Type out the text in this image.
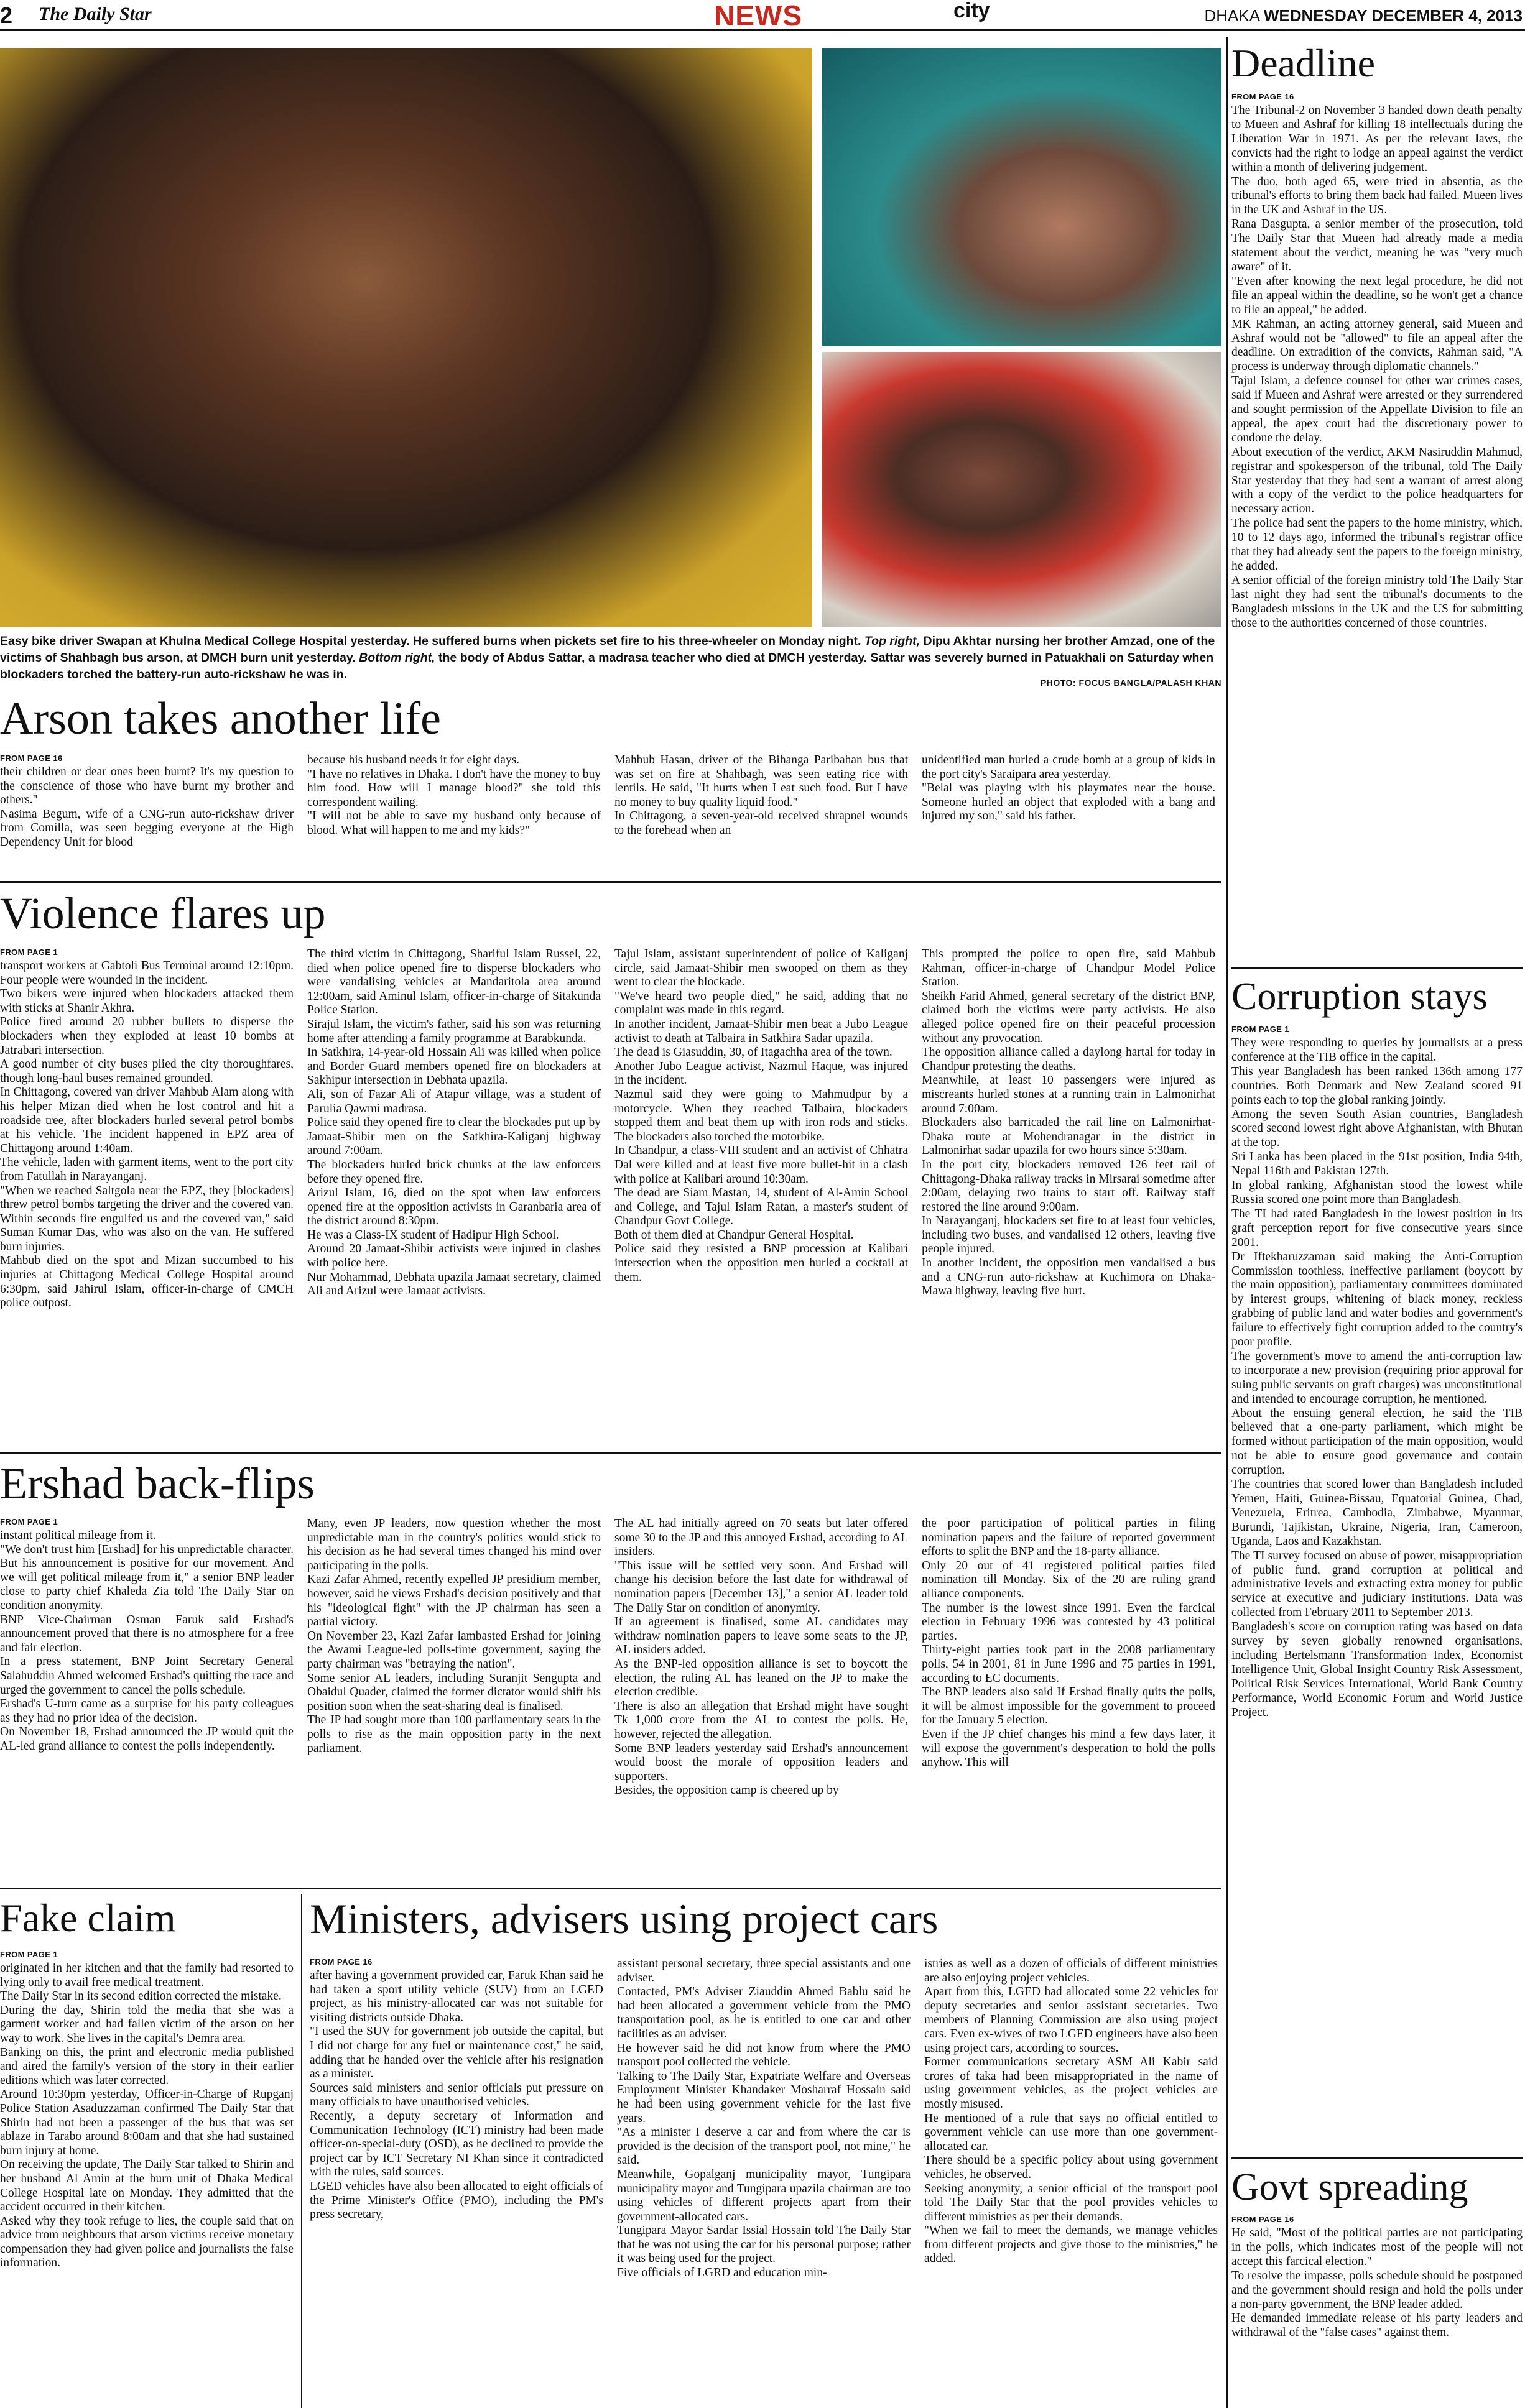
2 The Daily Star	NEWS	city	DHAKA WEDNESDAY DECEMBER 4, 2013
Easy bike driver Swapan at Khulna Medical College Hospital yesterday. He suffered burns when pickets set fire to his three-wheeler on Monday night. Top right, Dipu Akhtar nursing her brother Amzad, one of the victims of Shahbagh bus arson, at DMCH burn unit yesterday. Bottom right, the body of Abdus Sattar, a madrasa teacher who died at DMCH yesterday. Sattar was severely burned in Patuakhali on Saturday when blockaders torched the battery-run auto-rickshaw he was in.
PHOTO: FOCUS BANGLA/PALASH KHAN
Arson takes another life
FROM PAGE 16
their children or dear ones been burnt? It's my question to the conscience of those who have burnt my brother and others."
Nasima Begum, wife of a CNG-run auto-rickshaw driver from Comilla, was seen begging everyone at the High Dependency Unit for blood
because his husband needs it for eight days.
"I have no relatives in Dhaka. I don't have the money to buy him food. How will I manage blood?" she told this correspondent wailing.
"I will not be able to save my husband only because of blood. What will happen to me and my kids?"
Mahbub Hasan, driver of the Bihanga Paribahan bus that was set on fire at Shahbagh, was seen eating rice with lentils. He said, "It hurts when I eat such food. But I have no money to buy quality liquid food."
In Chittagong, a seven-year-old received shrapnel wounds to the forehead when an
unidentified man hurled a crude bomb at a group of kids in the port city's Saraipara area yesterday.
"Belal was playing with his playmates near the house. Someone hurled an object that exploded with a bang and injured my son," said his father.
Violence flares up
FROM PAGE 1
transport workers at Gabtoli Bus Terminal around 12:10pm. Four people were wounded in the incident.
Two bikers were injured when blockaders attacked them with sticks at Shanir Akhra.
Police fired around 20 rubber bullets to disperse the blockaders when they exploded at least 10 bombs at Jatrabari intersection.
A good number of city buses plied the city thoroughfares, though long-haul buses remained grounded.
In Chittagong, covered van driver Mahbub Alam along with his helper Mizan died when he lost control and hit a roadside tree, after blockaders hurled several petrol bombs at his vehicle. The incident happened in EPZ area of Chittagong around 1:40am.
The vehicle, laden with garment items, went to the port city from Fatullah in Narayanganj.
"When we reached Saltgola near the EPZ, they [blockaders] threw petrol bombs targeting the driver and the covered van. Within seconds fire engulfed us and the covered van," said Suman Kumar Das, who was also on the van. He suffered burn injuries.
Mahbub died on the spot and Mizan succumbed to his injuries at Chittagong Medical College Hospital around 6:30pm, said Jahirul Islam, officer-in-charge of CMCH police outpost.
The third victim in Chittagong, Shariful Islam Russel, 22, died when police opened fire to disperse blockaders who were vandalising vehicles at Mandaritola area around 12:00am, said Aminul Islam, officer-in-charge of Sitakunda Police Station.
Sirajul Islam, the victim's father, said his son was returning home after attending a family programme at Barabkunda.
In Satkhira, 14-year-old Hossain Ali was killed when police and Border Guard members opened fire on blockaders at Sakhipur intersection in Debhata upazila.
Ali, son of Fazar Ali of Atapur village, was a student of Parulia Qawmi madrasa.
Police said they opened fire to clear the blockades put up by Jamaat-Shibir men on the Satkhira-Kaliganj highway around 7:00am.
The blockaders hurled brick chunks at the law enforcers before they opened fire.
Arizul Islam, 16, died on the spot when law enforcers opened fire at the opposition activists in Garanbaria area of the district around 8:30pm.
He was a Class-IX student of Hadipur High School.
Around 20 Jamaat-Shibir activists were injured in clashes with police here.
Nur Mohammad, Debhata upazila Jamaat secretary, claimed Ali and Arizul were Jamaat activists.
Tajul Islam, assistant superintendent of police of Kaliganj circle, said Jamaat-Shibir men swooped on them as they went to clear the blockade.
"We've heard two people died," he said, adding that no complaint was made in this regard.
In another incident, Jamaat-Shibir men beat a Jubo League activist to death at Talbaira in Satkhira Sadar upazila.
The dead is Giasuddin, 30, of Itagachha area of the town.
Another Jubo League activist, Nazmul Haque, was injured in the incident.
Nazmul said they were going to Mahmudpur by a motorcycle. When they reached Talbaira, blockaders stopped them and beat them up with iron rods and sticks. The blockaders also torched the motorbike.
In Chandpur, a class-VIII student and an activist of Chhatra Dal were killed and at least five more bullet-hit in a clash with police at Kalibari around 10:30am.
The dead are Siam Mastan, 14, student of Al-Amin School and College, and Tajul Islam Ratan, a master's student of Chandpur Govt College.
Both of them died at Chandpur General Hospital.
Police said they resisted a BNP procession at Kalibari intersection when the opposition men hurled a cocktail at them.
This prompted the police to open fire, said Mahbub Rahman, officer-in-charge of Chandpur Model Police Station.
Sheikh Farid Ahmed, general secretary of the district BNP, claimed both the victims were party activists. He also alleged police opened fire on their peaceful procession without any provocation.
The opposition alliance called a daylong hartal for today in Chandpur protesting the deaths.
Meanwhile, at least 10 passengers were injured as miscreants hurled stones at a running train in Lalmonirhat around 7:00am.
Blockaders also barricaded the rail line on Lalmonirhat-Dhaka route at Mohendranagar in the district in Lalmonirhat sadar upazila for two hours since 5:30am.
In the port city, blockaders removed 126 feet rail of Chittagong-Dhaka railway tracks in Mirsarai sometime after 2:00am, delaying two trains to start off. Railway staff restored the line around 9:00am.
In Narayanganj, blockaders set fire to at least four vehicles, including two buses, and vandalised 12 others, leaving five people injured.
In another incident, the opposition men vandalised a bus and a CNG-run auto-rickshaw at Kuchimora on Dhaka-Mawa highway, leaving five hurt.
Ershad back-flips
FROM PAGE 1
instant political mileage from it.
"We don't trust him [Ershad] for his unpredictable character. But his announcement is positive for our movement. And we will get political mileage from it," a senior BNP leader close to party chief Khaleda Zia told The Daily Star on condition anonymity.
BNP Vice-Chairman Osman Faruk said Ershad's announcement proved that there is no atmosphere for a free and fair election.
In a press statement, BNP Joint Secretary General Salahuddin Ahmed welcomed Ershad's quitting the race and urged the government to cancel the polls schedule.
Ershad's U-turn came as a surprise for his party colleagues as they had no prior idea of the decision.
On November 18, Ershad announced the JP would quit the AL-led grand alliance to contest the polls independently.
Many, even JP leaders, now question whether the most unpredictable man in the country's politics would stick to his decision as he had several times changed his mind over participating in the polls.
Kazi Zafar Ahmed, recently expelled JP presidium member, however, said he views Ershad's decision positively and that his "ideological fight" with the JP chairman has seen a partial victory.
On November 23, Kazi Zafar lambasted Ershad for joining the Awami League-led polls-time government, saying the party chairman was "betraying the nation".
Some senior AL leaders, including Suranjit Sengupta and Obaidul Quader, claimed the former dictator would shift his position soon when the seat-sharing deal is finalised.
The JP had sought more than 100 parliamentary seats in the polls to rise as the main opposition party in the next parliament.
The AL had initially agreed on 70 seats but later offered some 30 to the JP and this annoyed Ershad, according to AL insiders.
"This issue will be settled very soon. And Ershad will change his decision before the last date for withdrawal of nomination papers [December 13]," a senior AL leader told The Daily Star on condition of anonymity.
If an agreement is finalised, some AL candidates may withdraw nomination papers to leave some seats to the JP, AL insiders added.
As the BNP-led opposition alliance is set to boycott the election, the ruling AL has leaned on the JP to make the election credible.
There is also an allegation that Ershad might have sought Tk 1,000 crore from the AL to contest the polls. He, however, rejected the allegation.
Some BNP leaders yesterday said Ershad's announcement would boost the morale of opposition leaders and supporters.
Besides, the opposition camp is cheered up by
the poor participation of political parties in filing nomination papers and the failure of reported government efforts to split the BNP and the 18-party alliance.
Only 20 out of 41 registered political parties filed nomination till Monday. Six of the 20 are ruling grand alliance components.
The number is the lowest since 1991. Even the farcical election in February 1996 was contested by 43 political parties.
Thirty-eight parties took part in the 2008 parliamentary polls, 54 in 2001, 81 in June 1996 and 75 parties in 1991, according to EC documents.
The BNP leaders also said If Ershad finally quits the polls, it will be almost impossible for the government to proceed for the January 5 election.
Even if the JP chief changes his mind a few days later, it will expose the government's desperation to hold the polls anyhow. This will
Fake claim
FROM PAGE 1
originated in her kitchen and that the family had resorted to lying only to avail free medical treatment.
The Daily Star in its second edition corrected the mistake.
During the day, Shirin told the media that she was a garment worker and had fallen victim of the arson on her way to work. She lives in the capital's Demra area.
Banking on this, the print and electronic media published and aired the family's version of the story in their earlier editions which was later corrected.
Around 10:30pm yesterday, Officer-in-Charge of Rupganj Police Station Asaduzzaman confirmed The Daily Star that Shirin had not been a passenger of the bus that was set ablaze in Tarabo around 8:00am and that she had sustained burn injury at home.
On receiving the update, The Daily Star talked to Shirin and her husband Al Amin at the burn unit of Dhaka Medical College Hospital late on Monday. They admitted that the accident occurred in their kitchen.
Asked why they took refuge to lies, the couple said that on advice from neighbours that arson victims receive monetary compensation they had given police and journalists the false information.
Ministers, advisers using project cars
FROM PAGE 16
after having a government provided car, Faruk Khan said he had taken a sport utility vehicle (SUV) from an LGED project, as his ministry-allocated car was not suitable for visiting districts outside Dhaka.
"I used the SUV for government job outside the capital, but I did not charge for any fuel or maintenance cost," he said, adding that he handed over the vehicle after his resignation as a minister.
Sources said ministers and senior officials put pressure on many officials to have unauthorised vehicles.
Recently, a deputy secretary of Information and Communication Technology (ICT) ministry had been made officer-on-special-duty (OSD), as he declined to provide the project car by ICT Secretary NI Khan since it contradicted with the rules, said sources.
LGED vehicles have also been allocated to eight officials of the Prime Minister's Office (PMO), including the PM's press secretary,
assistant personal secretary, three special assistants and one adviser.
Contacted, PM's Adviser Ziauddin Ahmed Bablu said he had been allocated a government vehicle from the PMO transportation pool, as he is entitled to one car and other facilities as an adviser.
He however said he did not know from where the PMO transport pool collected the vehicle.
Talking to The Daily Star, Expatriate Welfare and Overseas Employment Minister Khandaker Mosharraf Hossain said he had been using government vehicle for the last five years.
"As a minister I deserve a car and from where the car is provided is the decision of the transport pool, not mine," he said.
Meanwhile, Gopalganj municipality mayor, Tungipara municipality mayor and Tungipara upazila chairman are too using vehicles of different projects apart from their government-allocated cars.
Tungipara Mayor Sardar Issial Hossain told The Daily Star that he was not using the car for his personal purpose; rather it was being used for the project.
Five officials of LGRD and education min-
istries as well as a dozen of officials of different ministries are also enjoying project vehicles.
Apart from this, LGED had allocated some 22 vehicles for deputy secretaries and senior assistant secretaries. Two members of Planning Commission are also using project cars. Even ex-wives of two LGED engineers have also been using project cars, according to sources.
Former communications secretary ASM Ali Kabir said crores of taka had been misappropriated in the name of using government vehicles, as the project vehicles are mostly misused.
He mentioned of a rule that says no official entitled to government vehicle can use more than one government-allocated car.
There should be a specific policy about using government vehicles, he observed.
Seeking anonymity, a senior official of the transport pool told The Daily Star that the pool provides vehicles to different ministries as per their demands.
"When we fail to meet the demands, we manage vehicles from different projects and give those to the ministries," he added.
Deadline
FROM PAGE 16
The Tribunal-2 on November 3 handed down death penalty to Mueen and Ashraf for killing 18 intellectuals during the Liberation War in 1971. As per the relevant laws, the convicts had the right to lodge an appeal against the verdict within a month of delivering judgement.
The duo, both aged 65, were tried in absentia, as the tribunal's efforts to bring them back had failed. Mueen lives in the UK and Ashraf in the US.
Rana Dasgupta, a senior member of the prosecution, told The Daily Star that Mueen had already made a media statement about the verdict, meaning he was "very much aware" of it.
"Even after knowing the next legal procedure, he did not file an appeal within the deadline, so he won't get a chance to file an appeal," he added.
MK Rahman, an acting attorney general, said Mueen and Ashraf would not be "allowed" to file an appeal after the deadline. On extradition of the convicts, Rahman said, "A process is underway through diplomatic channels."
Tajul Islam, a defence counsel for other war crimes cases, said if Mueen and Ashraf were arrested or they surrendered and sought permission of the Appellate Division to file an appeal, the apex court had the discretionary power to condone the delay.
About execution of the verdict, AKM Nasiruddin Mahmud, registrar and spokesperson of the tribunal, told The Daily Star yesterday that they had sent a warrant of arrest along with a copy of the verdict to the police headquarters for necessary action.
The police had sent the papers to the home ministry, which, 10 to 12 days ago, informed the tribunal's registrar office that they had already sent the papers to the foreign ministry, he added.
A senior official of the foreign ministry told The Daily Star last night they had sent the tribunal's documents to the Bangladesh missions in the UK and the US for submitting those to the authorities concerned of those countries.
Corruption stays
FROM PAGE 1
They were responding to queries by journalists at a press conference at the TIB office in the capital.
This year Bangladesh has been ranked 136th among 177 countries. Both Denmark and New Zealand scored 91 points each to top the global ranking jointly.
Among the seven South Asian countries, Bangladesh scored second lowest right above Afghanistan, with Bhutan at the top.
Sri Lanka has been placed in the 91st position, India 94th, Nepal 116th and Pakistan 127th.
In global ranking, Afghanistan stood the lowest while Russia scored one point more than Bangladesh.
The TI had rated Bangladesh in the lowest position in its graft perception report for five consecutive years since 2001.
Dr Iftekharuzzaman said making the Anti-Corruption Commission toothless, ineffective parliament (boycott by the main opposition), parliamentary committees dominated by interest groups, whitening of black money, reckless grabbing of public land and water bodies and government's failure to effectively fight corruption added to the country's poor profile.
The government's move to amend the anti-corruption law to incorporate a new provision (requiring prior approval for suing public servants on graft charges) was unconstitutional and intended to encourage corruption, he mentioned.
About the ensuing general election, he said the TIB believed that a one-party parliament, which might be formed without participation of the main opposition, would not be able to ensure good governance and contain corruption.
The countries that scored lower than Bangladesh included Yemen, Haiti, Guinea-Bissau, Equatorial Guinea, Chad, Venezuela, Eritrea, Cambodia, Zimbabwe, Myanmar, Burundi, Tajikistan, Ukraine, Nigeria, Iran, Cameroon, Uganda, Laos and Kazakhstan.
The TI survey focused on abuse of power, misappropriation of public fund, grand corruption at political and administrative levels and extracting extra money for public service at executive and judiciary institutions. Data was collected from February 2011 to September 2013.
Bangladesh's score on corruption rating was based on data survey by seven globally renowned organisations, including Bertelsmann Transformation Index, Economist Intelligence Unit, Global Insight Country Risk Assessment, Political Risk Services International, World Bank Country Performance, World Economic Forum and World Justice Project.
Govt spreading
FROM PAGE 16
He said, "Most of the political parties are not participating in the polls, which indicates most of the people will not accept this farcical election."
To resolve the impasse, polls schedule should be postponed and the government should resign and hold the polls under a non-party government, the BNP leader added.
He demanded immediate release of his party leaders and withdrawal of the "false cases" against them.
